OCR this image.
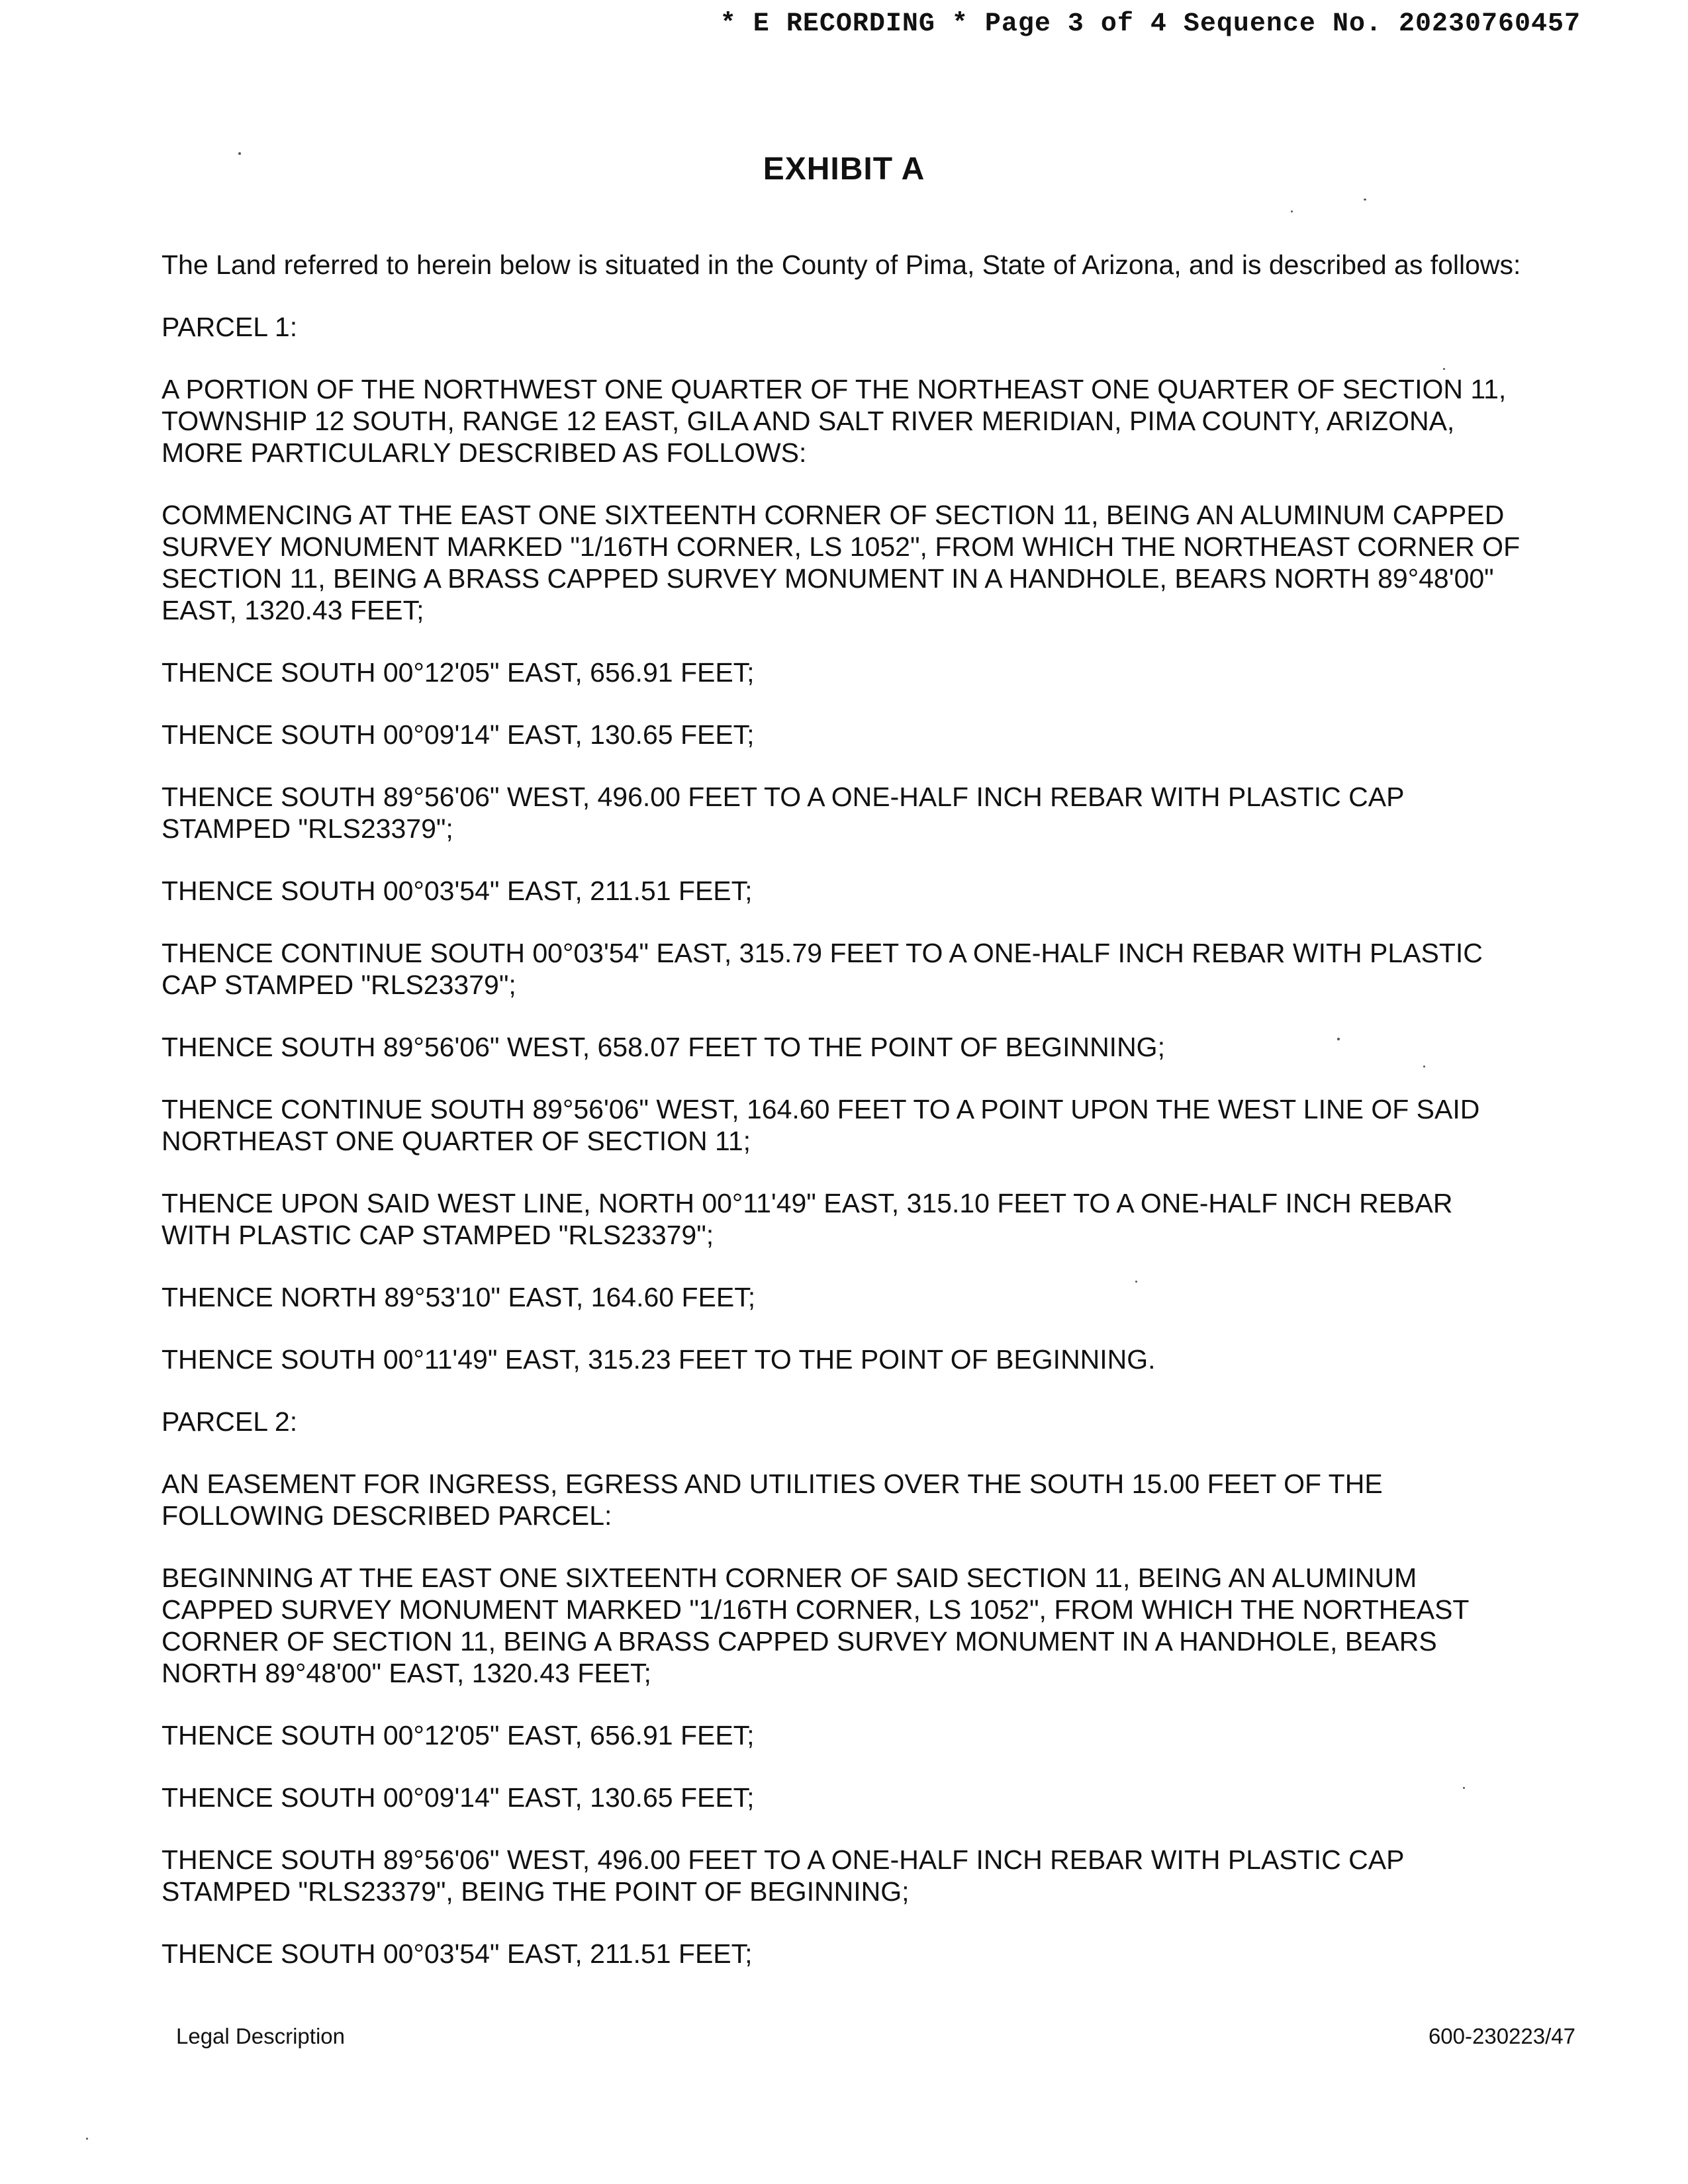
* E RECORDING * Page 3 of 4 Sequence No. 20230760457
EXHIBIT A

The Land referred to herein below is situated in the County of Pima, State of Arizona, and is described as follows:

PARCEL 1:

A PORTION OF THE NORTHWEST ONE QUARTER OF THE NORTHEAST ONE QUARTER OF SECTION 11,
TOWNSHIP 12 SOUTH, RANGE 12 EAST, GILA AND SALT RIVER MERIDIAN, PIMA COUNTY, ARIZONA,
MORE PARTICULARLY DESCRIBED AS FOLLOWS:

COMMENCING AT THE EAST ONE SIXTEENTH CORNER OF SECTION 11, BEING AN ALUMINUM CAPPED
SURVEY MONUMENT MARKED "1/16TH CORNER, LS 1052", FROM WHICH THE NORTHEAST CORNER OF
SECTION 11, BEING A BRASS CAPPED SURVEY MONUMENT IN A HANDHOLE, BEARS NORTH 89°48'00"
EAST, 1320.43 FEET;

THENCE SOUTH 00°12'05" EAST, 656.91 FEET;

THENCE SOUTH 00°09'14" EAST, 130.65 FEET;

THENCE SOUTH 89°56'06" WEST, 496.00 FEET TO A ONE-HALF INCH REBAR WITH PLASTIC CAP
STAMPED "RLS23379";

THENCE SOUTH 00°03'54" EAST, 211.51 FEET;

THENCE CONTINUE SOUTH 00°03'54" EAST, 315.79 FEET TO A ONE-HALF INCH REBAR WITH PLASTIC
CAP STAMPED "RLS23379";

THENCE SOUTH 89°56'06" WEST, 658.07 FEET TO THE POINT OF BEGINNING;

THENCE CONTINUE SOUTH 89°56'06" WEST, 164.60 FEET TO A POINT UPON THE WEST LINE OF SAID
NORTHEAST ONE QUARTER OF SECTION 11;

THENCE UPON SAID WEST LINE, NORTH 00°11'49" EAST, 315.10 FEET TO A ONE-HALF INCH REBAR
WITH PLASTIC CAP STAMPED "RLS23379";

THENCE NORTH 89°53'10" EAST, 164.60 FEET;

THENCE SOUTH 00°11'49" EAST, 315.23 FEET TO THE POINT OF BEGINNING.

PARCEL 2:

AN EASEMENT FOR INGRESS, EGRESS AND UTILITIES OVER THE SOUTH 15.00 FEET OF THE
FOLLOWING DESCRIBED PARCEL:

BEGINNING AT THE EAST ONE SIXTEENTH CORNER OF SAID SECTION 11, BEING AN ALUMINUM
CAPPED SURVEY MONUMENT MARKED "1/16TH CORNER, LS 1052", FROM WHICH THE NORTHEAST
CORNER OF SECTION 11, BEING A BRASS CAPPED SURVEY MONUMENT IN A HANDHOLE, BEARS
NORTH 89°48'00" EAST, 1320.43 FEET;

THENCE SOUTH 00°12'05" EAST, 656.91 FEET;

THENCE SOUTH 00°09'14" EAST, 130.65 FEET;

THENCE SOUTH 89°56'06" WEST, 496.00 FEET TO A ONE-HALF INCH REBAR WITH PLASTIC CAP
STAMPED "RLS23379", BEING THE POINT OF BEGINNING;

THENCE SOUTH 00°03'54" EAST, 211.51 FEET;

Legal Description	600-230223/47
